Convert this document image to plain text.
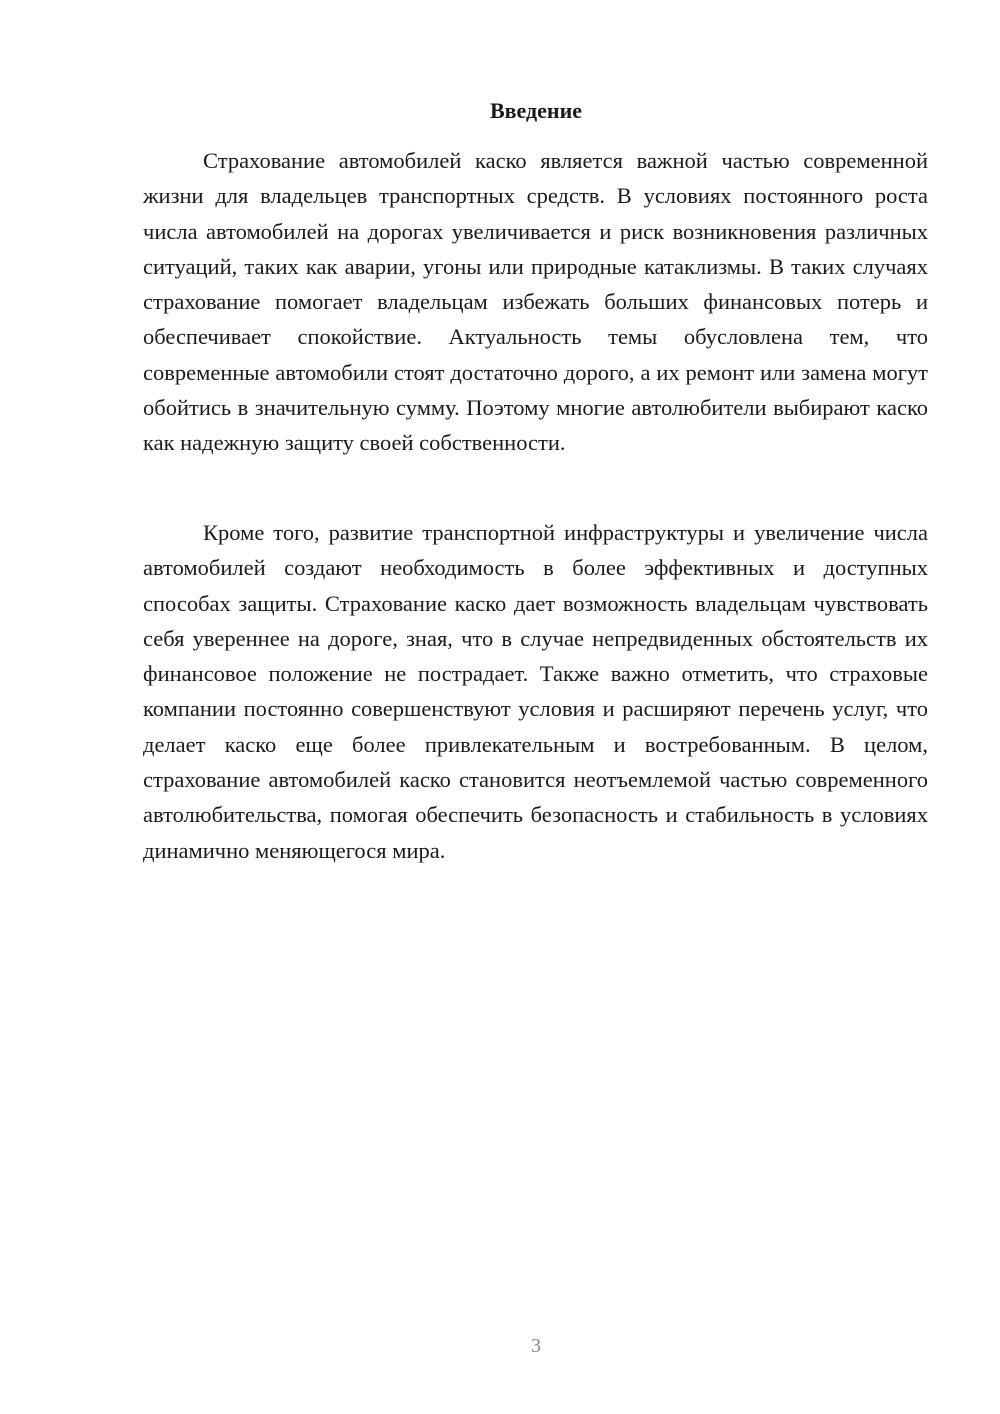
Введение

Страхование автомобилей каско является важной частью современной жизни для владельцев транспортных средств. В условиях постоянного роста числа автомобилей на дорогах увеличивается и риск возникновения различных ситуаций, таких как аварии, угоны или природные катаклизмы. В таких случаях страхование помогает владельцам избежать больших финансовых потерь и обеспечивает спокойствие. Актуальность темы обусловлена тем, что современные автомобили стоят достаточно дорого, а их ремонт или замена могут обойтись в значительную сумму. Поэтому многие автолюбители выбирают каско как надежную защиту своей собственности.

Кроме того, развитие транспортной инфраструктуры и увеличение числа автомобилей создают необходимость в более эффективных и доступных способах защиты. Страхование каско дает возможность владельцам чувствовать себя увереннее на дороге, зная, что в случае непредвиденных обстоятельств их финансовое положение не пострадает. Также важно отметить, что страховые компании постоянно совершенствуют условия и расширяют перечень услуг, что делает каско еще более привлекательным и востребованным. В целом, страхование автомобилей каско становится неотъемлемой частью современного автолюбительства, помогая обеспечить безопасность и стабильность в условиях динамично меняющегося мира.

3
